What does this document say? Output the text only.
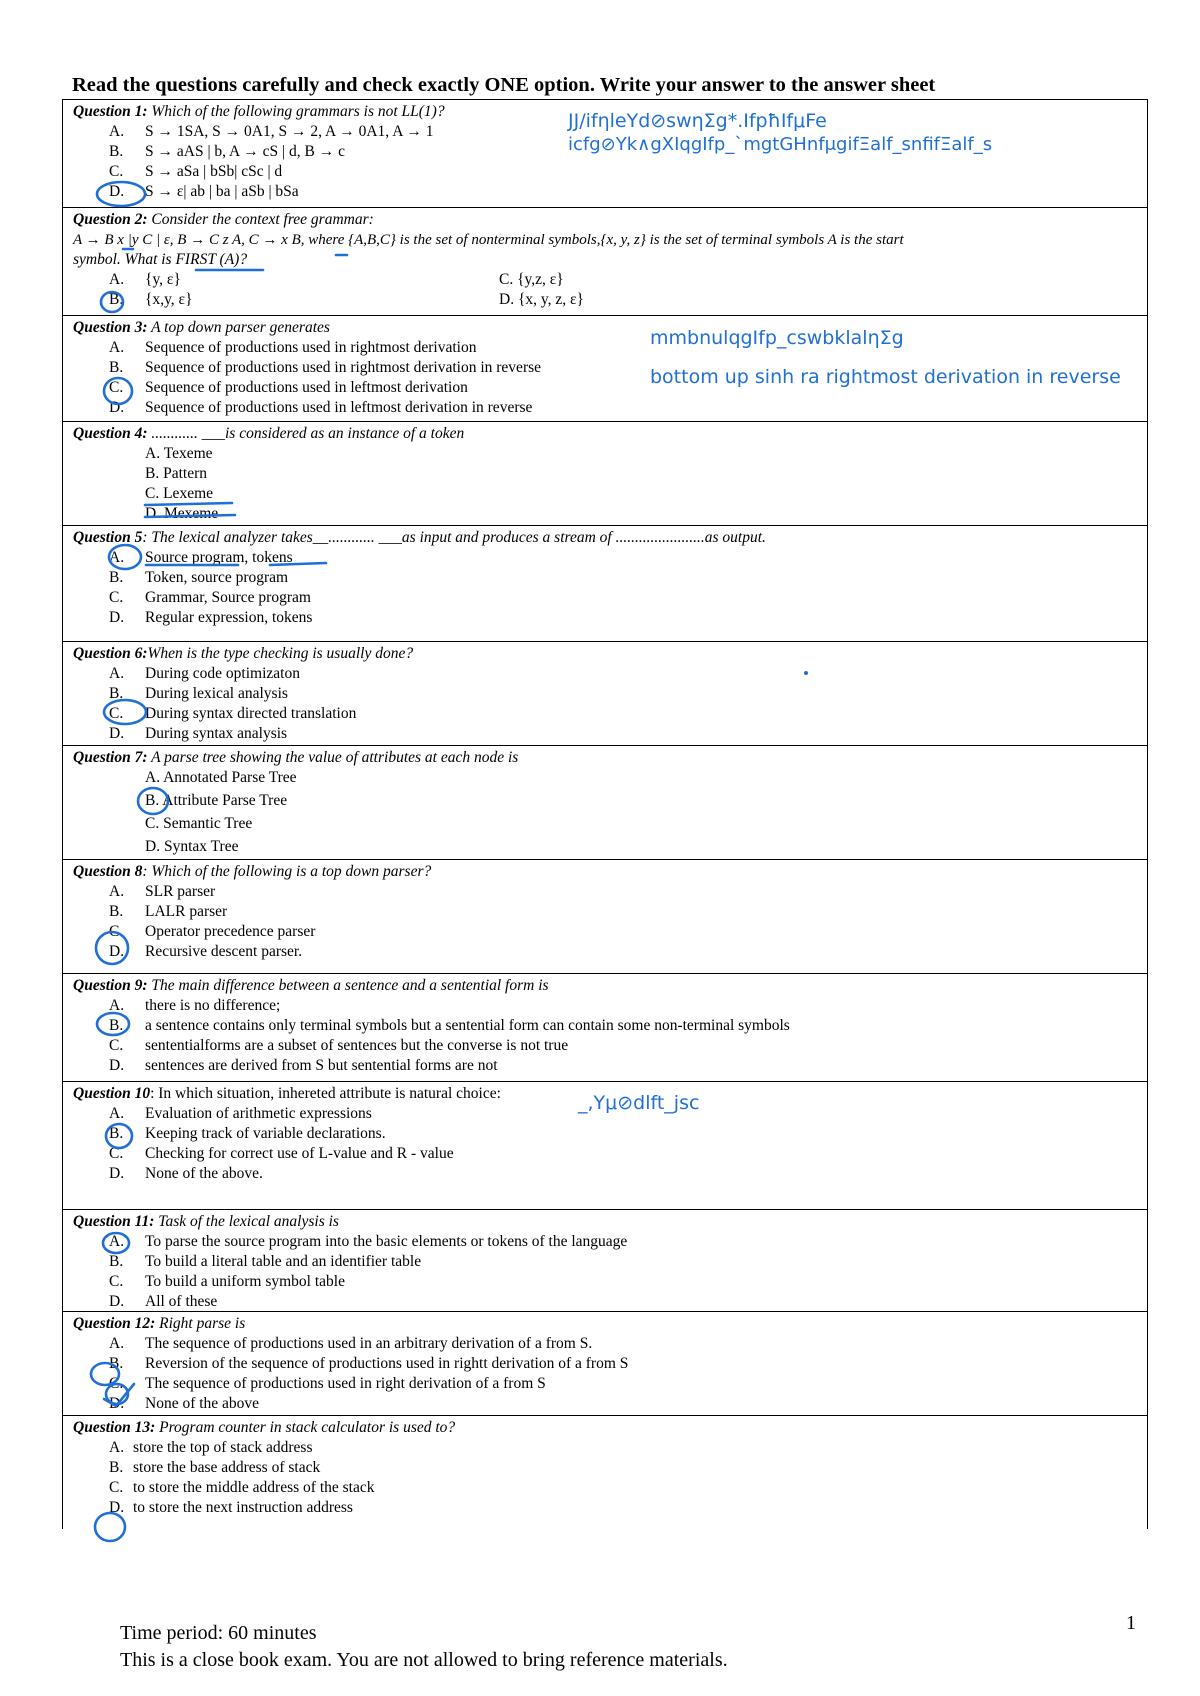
Read the questions carefully and check exactly ONE option. Write your answer to the answer sheet
Question 1: Which of the following grammars is not LL(1)?
A. S → 1SA, S → 0A1, S → 2, A → 0A1, A → 1
B. S → aAS | b, A → cS | d, B → c
C. S → aSa | bSb| cSc | d
D. S → ε| ab | ba | aSb | bSa
Question 2: Consider the context free grammar:
A → B x |y C | ε, B → C z A, C → x B, where {A,B,C} is the set of nonterminal symbols,{x, y, z} is the set of terminal symbols A is the start
symbol. What is FIRST (A)?
A. {y, ε}	C. {y,z, ε}
B. {x,y, ε}	D. {x, y, z, ε}
Question 3: A top down parser generates
A. Sequence of productions used in rightmost derivation
B. Sequence of productions used in rightmost derivation in reverse
C. Sequence of productions used in leftmost derivation
D. Sequence of productions used in leftmost derivation in reverse
Question 4: ............ ___is considered as an instance of a token
A. Texeme
B. Pattern
C. Lexeme
D. Mexeme
Question 5: The lexical analyzer takes__............ ___as input and produces a stream of .......................as output.
A. Source program, tokens
B. Token, source program
C. Grammar, Source program
D. Regular expression, tokens
Question 6:When is the type checking is usually done?
A. During code optimizaton
B. During lexical analysis
C. During syntax directed translation
D. During syntax analysis
Question 7: A parse tree showing the value of attributes at each node is
A. Annotated Parse Tree
B. Attribute Parse Tree
C. Semantic Tree
D. Syntax Tree
Question 8: Which of the following is a top down parser?
A. SLR parser
B. LALR parser
C. Operator precedence parser
D. Recursive descent parser.
Question 9: The main difference between a sentence and a sentential form is
A. there is no difference;
B. a sentence contains only terminal symbols but a sentential form can contain some non-terminal symbols
C. sententialforms are a subset of sentences but the converse is not true
D. sentences are derived from S but sentential forms are not
Question 10: In which situation, inhereted attribute is natural choice:
A. Evaluation of arithmetic expressions
B. Keeping track of variable declarations.
C. Checking for correct use of L-value and R - value
D. None of the above.
Question 11: Task of the lexical analysis is
A. To parse the source program into the basic elements or tokens of the language
B. To build a literal table and an identifier table
C. To build a uniform symbol table
D. All of these
Question 12: Right parse is
A. The sequence of productions used in an arbitrary derivation of a from S.
B. Reversion of the sequence of productions used in rightt derivation of a from S
C. The sequence of productions used in right derivation of a from S
D. None of the above
Question 13: Program counter in stack calculator is used to?
A. store the top of stack address
B. store the base address of stack
C. to store the middle address of the stack
D. to store the next instruction address
JJ/ifηleYd⊘swηΣg*.IfpħIfμFe
icfg⊘Yk∧gXIqgIfp_`mgtGHnfμgifΞalf_snfifΞalf_s
mmbnulqgIfp_cswbklalηΣg
bottom up sinh ra rightmost derivation in reverse
_,Yμ⊘dlft_jsc
Time period: 60 minutes
This is a close book exam. You are not allowed to bring reference materials.
1
